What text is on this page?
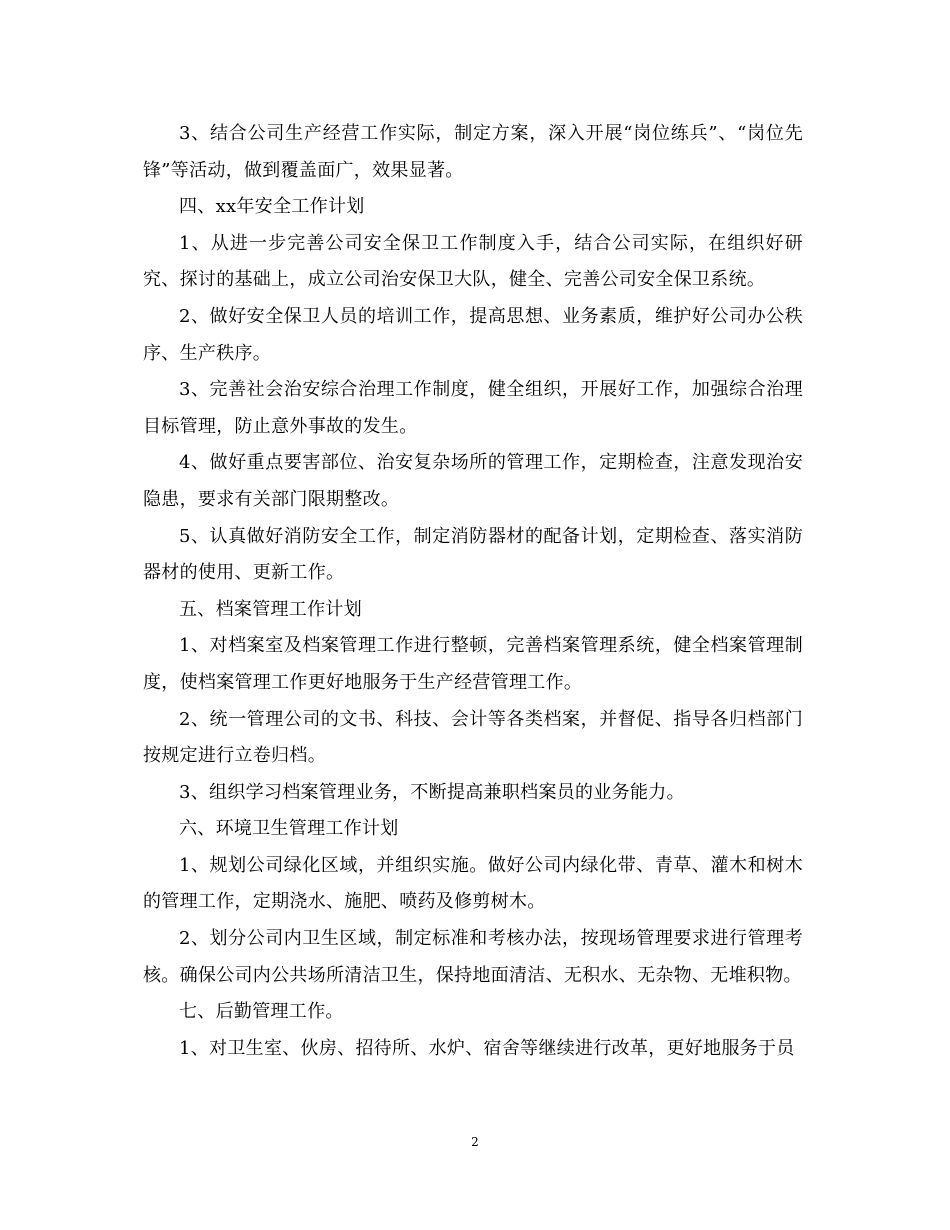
3、结合公司生产经营工作实际，制定方案，深入开展“岗位练兵”、“岗位先锋”等活动，做到覆盖面广，效果显著。

四、xx年安全工作计划

1、从进一步完善公司安全保卫工作制度入手，结合公司实际，在组织好研究、探讨的基础上，成立公司治安保卫大队，健全、完善公司安全保卫系统。

2、做好安全保卫人员的培训工作，提高思想、业务素质，维护好公司办公秩序、生产秩序。

3、完善社会治安综合治理工作制度，健全组织，开展好工作，加强综合治理目标管理，防止意外事故的发生。

4、做好重点要害部位、治安复杂场所的管理工作，定期检查，注意发现治安隐患，要求有关部门限期整改。

5、认真做好消防安全工作，制定消防器材的配备计划，定期检查、落实消防器材的使用、更新工作。

五、档案管理工作计划

1、对档案室及档案管理工作进行整顿，完善档案管理系统，健全档案管理制度，使档案管理工作更好地服务于生产经营管理工作。

2、统一管理公司的文书、科技、会计等各类档案，并督促、指导各归档部门按规定进行立卷归档。

3、组织学习档案管理业务，不断提高兼职档案员的业务能力。

六、环境卫生管理工作计划

1、规划公司绿化区域，并组织实施。做好公司内绿化带、青草、灌木和树木的管理工作，定期浇水、施肥、喷药及修剪树木。

2、划分公司内卫生区域，制定标准和考核办法，按现场管理要求进行管理考核。确保公司内公共场所清洁卫生，保持地面清洁、无积水、无杂物、无堆积物。

七、后勤管理工作。

1、对卫生室、伙房、招待所、水炉、宿舍等继续进行改革，更好地服务于员

2
